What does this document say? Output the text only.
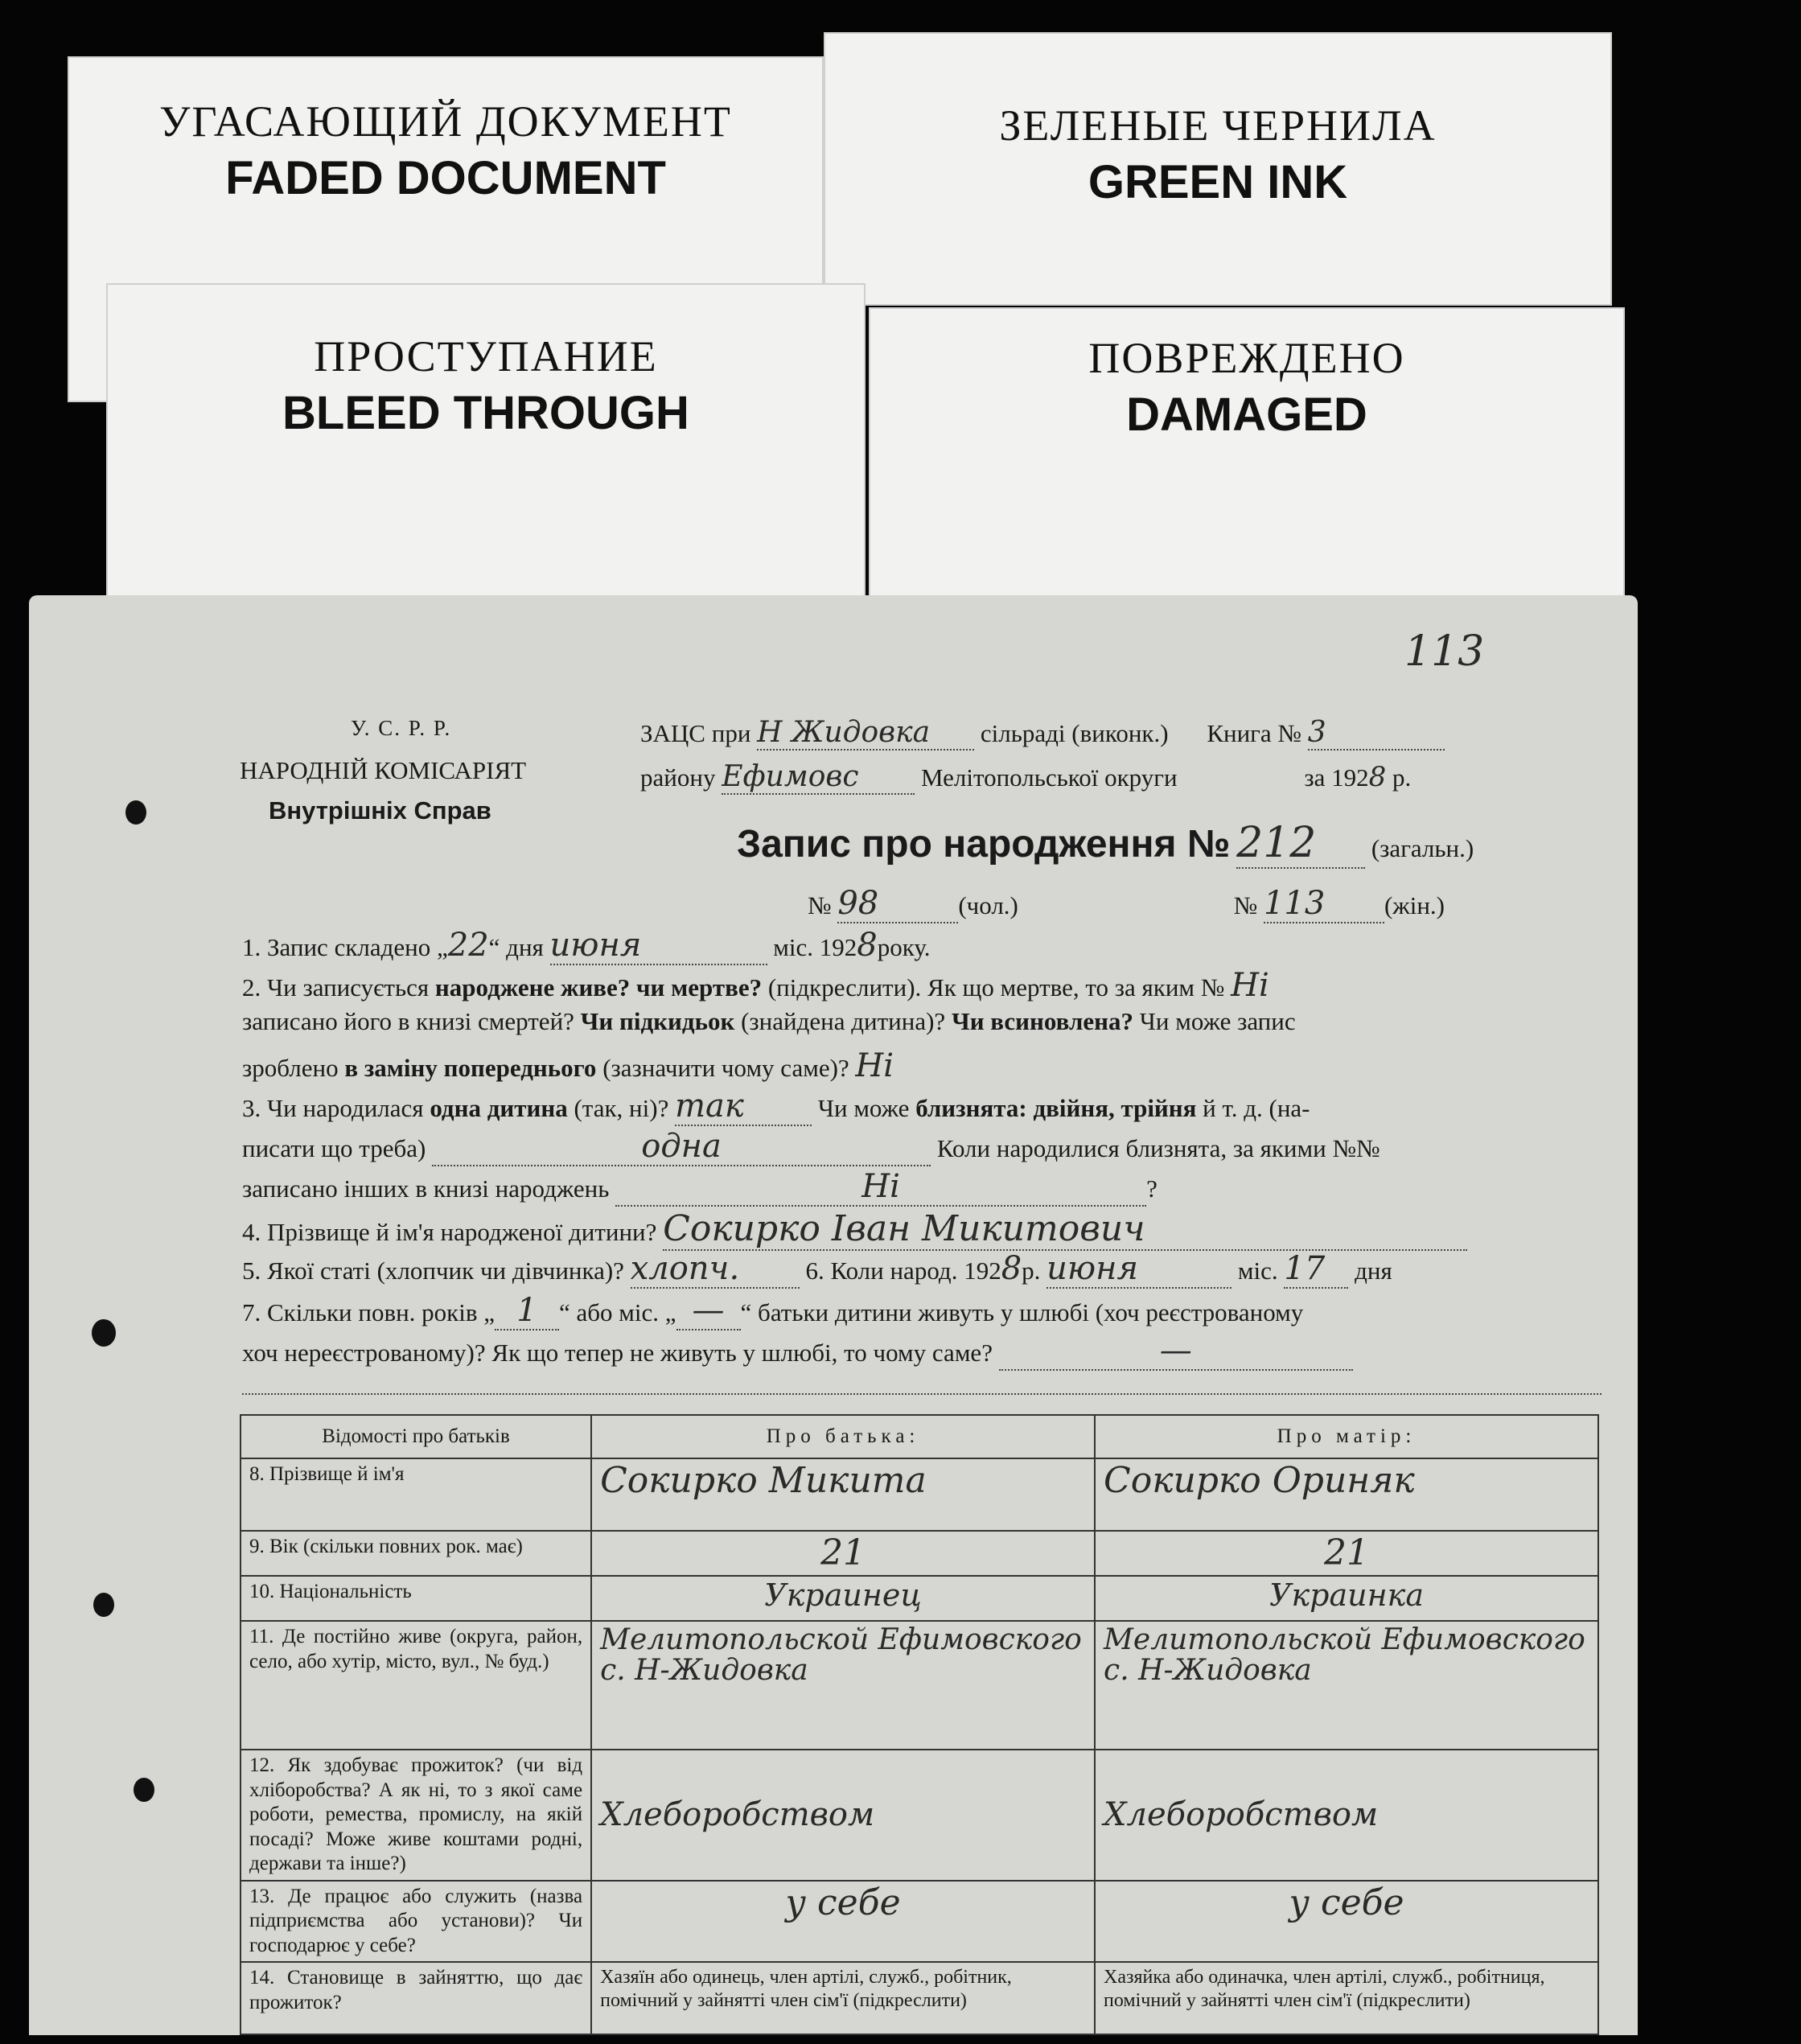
УГАСАЮЩИЙ ДОКУМЕНТ
FADED DOCUMENT
ЗЕЛЕНЫЕ ЧЕРНИЛА
GREEN INK
ПРОСТУПАНИЕ
BLEED THROUGH
ПОВРЕЖДЕНО
DAMAGED
113
У. С. Р. Р.
НАРОДНІЙ КОМІСАРІЯТ
Внутрішніх Справ
ЗАЦС при Н Жидовка сільраді (виконк.) Книга № 3
району Ефимовс Мелітопольської округи	за 1928 р.
Запис про народження № 212 (загальн.)
№ 98	(чол.)	№ 113 (жін.)
1. Запис складено „22“ дня июня	міс. 1928року.
2. Чи записується народжене живе? чи мертве? (підкреслити). Як що мертве, то за яким № Ні
записано його в книзі смертей? Чи підкидьок (знайдена дитина)? Чи всиновлена? Чи може запис
зроблено в заміну попереднього (зазначити чому саме)? Ні
3. Чи народилася одна дитина (так, ні)? так	Чи може близнята: двійня, трійня й т. д. (на-
писати що треба)	одна	Коли народилися близнята, за якими №№
записано інших в книзі народжень	Ні	?
4. Прізвище й ім'я народженої дитини? Сокирко Іван Микитович
5. Якої статі (хлопчик чи дівчинка)? хлопч.	6. Коли народ. 1928р. июня	міс. 17 дня
7. Скільки повн. років „ 1 “ або міс. „ — “ батьки дитини живуть у шлюбі (хоч реєстрованому
хоч нереєстрованому)? Як що тепер не живуть у шлюбі, то чому саме?	—
Відомості про батьків	Про батька:	Про матір:
8. Прізвище й ім'я	Сокирко Микита	Сокирко Ориняк

9. Вік (скільки повних рок. має)	21	21

10. Національність	Украинец	Украинка

11. Де постійно живе (округа, район, село, або хутір, місто, вул., № буд.)	Мелитопольской Ефимовского с. Н-Жидовка	Мелитопольской Ефимовского с. Н-Жидовка

12. Як здобуває прожиток? (чи від хліборобства? А як ні, то з якої саме роботи, ремества, промислу, на якій посаді? Може живе коштами родні, держави та інше?)	Хлеборобством	Хлеборобством

13. Де працює або служить (назва підприємства або установи)? Чи господарює у себе?	у себе	у себе

14. Становище в зайняттю, що дає прожиток?	Хазяїн або одинець, член артілі, служб., робітник, помічний у зайнятті член сім'ї (підкреслити)	Хазяйка або одиначка, член артілі, служб., робітниця, помічний у зайнятті член сім'ї (підкреслити)
